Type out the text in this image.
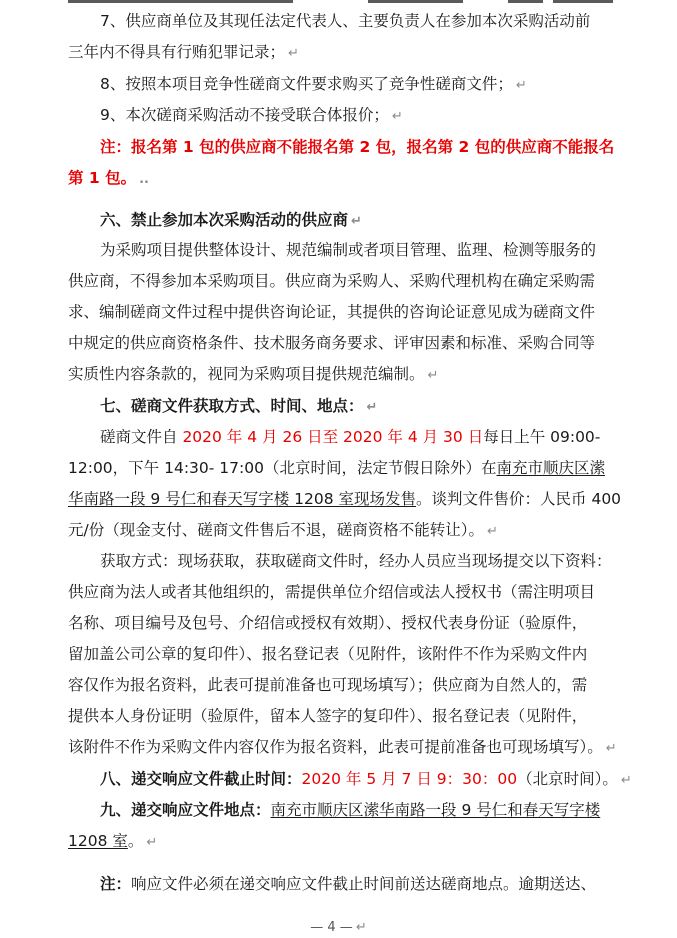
7、供应商单位及其现任法定代表人、主要负责人在参加本次采购活动前
三年内不得具有行贿犯罪记录； ↵
8、按照本项目竞争性磋商文件要求购买了竞争性磋商文件； ↵
9、本次磋商采购活动不接受联合体报价； ↵
注：报名第 1 包的供应商不能报名第 2 包，报名第 2 包的供应商不能报名
第 1 包。 ..
六、禁止参加本次采购活动的供应商 ↵
为采购项目提供整体设计、规范编制或者项目管理、监理、检测等服务的
供应商，不得参加本采购项目。供应商为采购人、采购代理机构在确定采购需
求、编制磋商文件过程中提供咨询论证，其提供的咨询论证意见成为磋商文件
中规定的供应商资格条件、技术服务商务要求、评审因素和标准、采购合同等
实质性内容条款的，视同为采购项目提供规范编制。 ↵
七、磋商文件获取方式、时间、地点： ↵
磋商文件自 2020 年 4 月 26 日至 2020 年 4 月 30 日每日上午 09:00-
12:00，下午 14:30- 17:00（北京时间，法定节假日除外）在南充市顺庆区潆
华南路一段 9 号仁和春天写字楼 1208 室现场发售。谈判文件售价：人民币 400
元/份（现金支付、磋商文件售后不退，磋商资格不能转让）。 ↵
获取方式：现场获取，获取磋商文件时，经办人员应当现场提交以下资料：
供应商为法人或者其他组织的，需提供单位介绍信或法人授权书（需注明项目
名称、项目编号及包号、介绍信或授权有效期）、授权代表身份证（验原件，
留加盖公司公章的复印件）、报名登记表（见附件，该附件不作为采购文件内
容仅作为报名资料，此表可提前准备也可现场填写）；供应商为自然人的，需
提供本人身份证明（验原件，留本人签字的复印件）、报名登记表（见附件，
该附件不作为采购文件内容仅作为报名资料，此表可提前准备也可现场填写）。 ↵
八、递交响应文件截止时间：2020 年 5 月 7 日 9：30：00（北京时间）。 ↵
九、递交响应文件地点：南充市顺庆区潆华南路一段 9 号仁和春天写字楼
1208 室。 ↵
注：响应文件必须在递交响应文件截止时间前送达磋商地点。逾期送达、
— 4 — ↵
